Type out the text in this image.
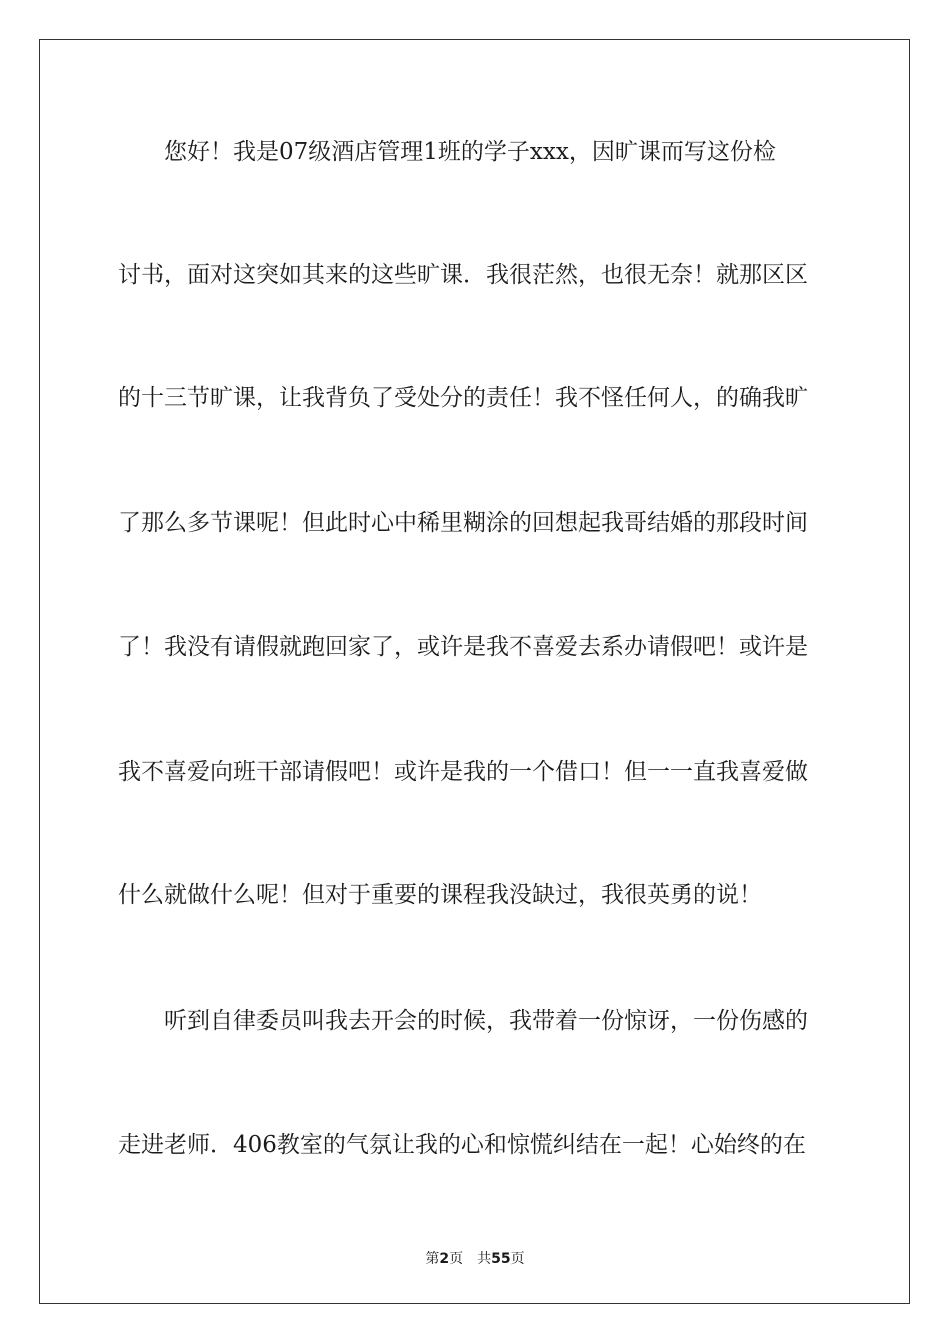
您好！我是07级酒店管理1班的学子xxx，因旷课而写这份检
讨书，面对这突如其来的这些旷课．我很茫然，也很无奈！就那区区
的十三节旷课，让我背负了受处分的责任！我不怪任何人，的确我旷
了那么多节课呢！但此时心中稀里糊涂的回想起我哥结婚的那段时间
了！我没有请假就跑回家了，或许是我不喜爱去系办请假吧！或许是
我不喜爱向班干部请假吧！或许是我的一个借口！但一一直我喜爱做
什么就做什么呢！但对于重要的课程我没缺过，我很英勇的说！
听到自律委员叫我去开会的时候，我带着一份惊讶，一份伤感的
走进老师．406教室的气氛让我的心和惊慌纠结在一起！心始终的在
第2页 共55页
